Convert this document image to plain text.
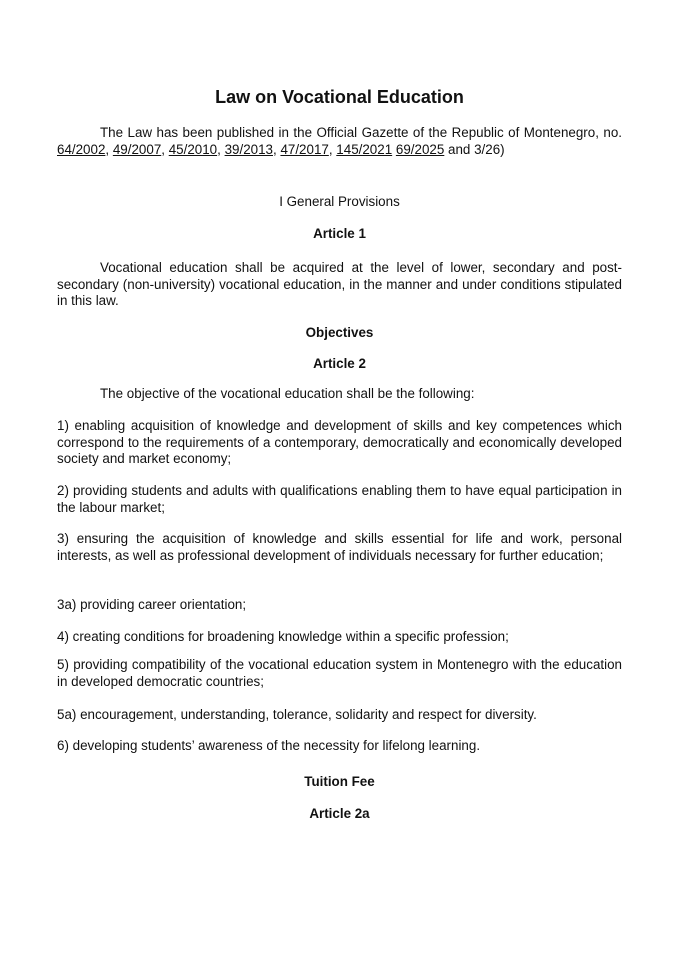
Law on Vocational Education
The Law has been published in the Official Gazette of the Republic of Montenegro, no. 64/2002, 49/2007, 45/2010, 39/2013, 47/2017, 145/2021 69/2025 and 3/26)
I General Provisions
Article 1
Vocational education shall be acquired at the level of lower, secondary and post-secondary (non-university) vocational education, in the manner and under conditions stipulated in this law.
Objectives
Article 2
The objective of the vocational education shall be the following:
1) enabling acquisition of knowledge and development of skills and key competences which correspond to the requirements of a contemporary, democratically and economically developed society and market economy;
2) providing students and adults with qualifications enabling them to have equal participation in the labour market;
3) ensuring the acquisition of knowledge and skills essential for life and work, personal interests, as well as professional development of individuals necessary for further education;
3a) providing career orientation;
4) creating conditions for broadening knowledge within a specific profession;
5) providing compatibility of the vocational education system in Montenegro with the education in developed democratic countries;
5a) encouragement, understanding, tolerance, solidarity and respect for diversity.
6) developing students’ awareness of the necessity for lifelong learning.
Tuition Fee
Article 2a
